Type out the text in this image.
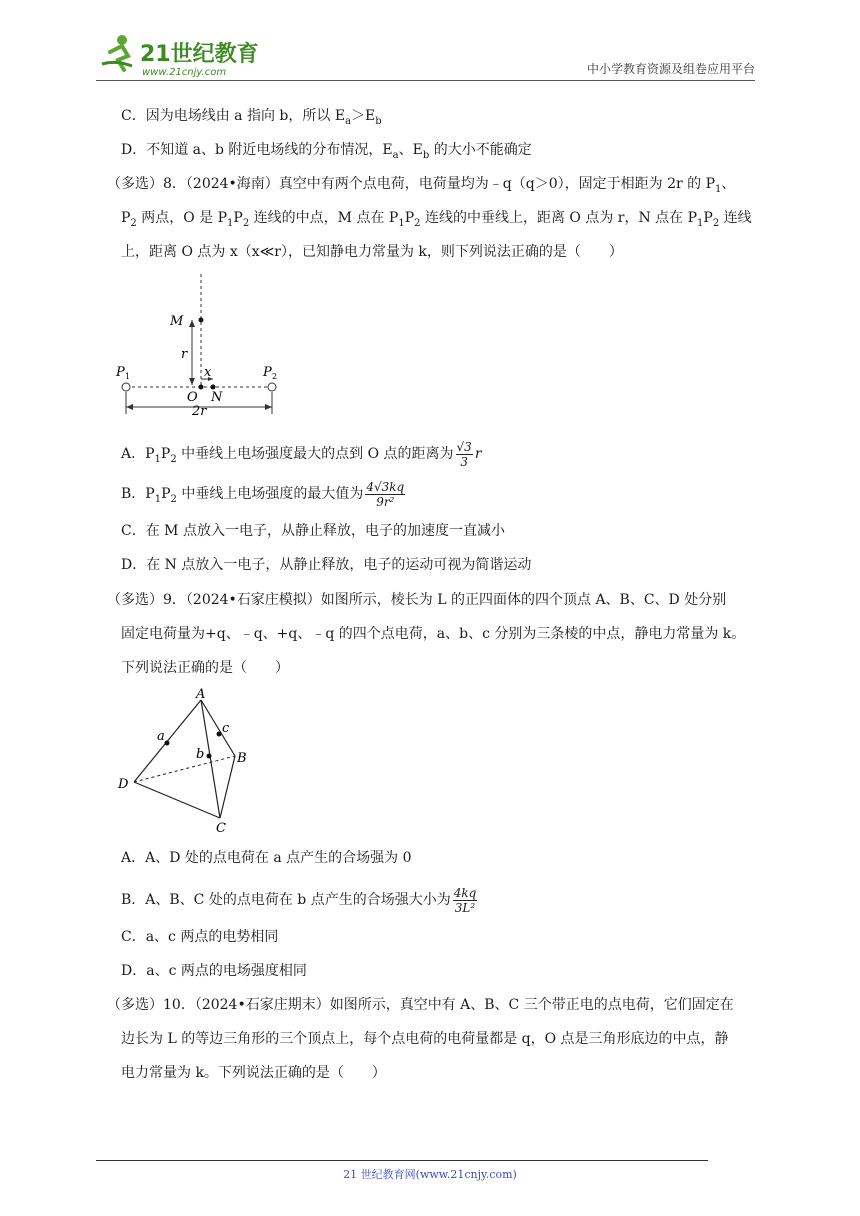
21世纪教育
www.21cnjy.com	中小学教育资源及组卷应用平台
C．因为电场线由 a 指向 b，所以 $E_a>E_b$
D．不知道 a、b 附近电场线的分布情况，$E_a$、$E_b$ 的大小不能确定
（多选）8．（2024•海南）真空中有两个点电荷，电荷量均为﹣q（q＞0），固定于相距为 2r 的 $P_1$、
$P_2$ 两点，O 是 $P_1P_2$ 连线的中点，M 点在 $P_1P_2$ 连线的中垂线上，距离 O 点为 r，N 点在 $P_1P_2$ 连线
上，距离 O 点为 x（x≪r），已知静电力常量为 k，则下列说法正确的是（　　）
M
r
P 1	P 2
x
O N
2r
A．$P_1P_2$ 中垂线上电场强度最大的点到 O 点的距离为 $\frac{√3}{3}$ r
B．$P_1P_2$ 中垂线上电场强度的最大值为 $\frac{4√3kq}{\text{9r²}}$
C．在 M 点放入一电子，从静止释放，电子的加速度一直减小
D．在 N 点放入一电子，从静止释放，电子的运动可视为简谐运动
（多选）9．（2024•石家庄模拟）如图所示，棱长为 L 的正四面体的四个顶点 A、B、C、D 处分别
固定电荷量为+q、﹣q、+q、﹣q 的四个点电荷，a、b、c 分别为三条棱的中点，静电力常量为 k。
下列说法正确的是（　　）
A
B
C
D
a
b
c
A．A、D 处的点电荷在 a 点产生的合场强为 0
B．A、B、C 处的点电荷在 b 点产生的合场强大小为 $\frac{4kq}{\text{3L²}}$
C．a、c 两点的电势相同
D．a、c 两点的电场强度相同
（多选）10．（2024•石家庄期末）如图所示，真空中有 A、B、C 三个带正电的点电荷，它们固定在
边长为 L 的等边三角形的三个顶点上，每个点电荷的电荷量都是 q，O 点是三角形底边的中点，静
电力常量为 k。下列说法正确的是（　　）
21 世纪教育网(www.21cnjy.com)
